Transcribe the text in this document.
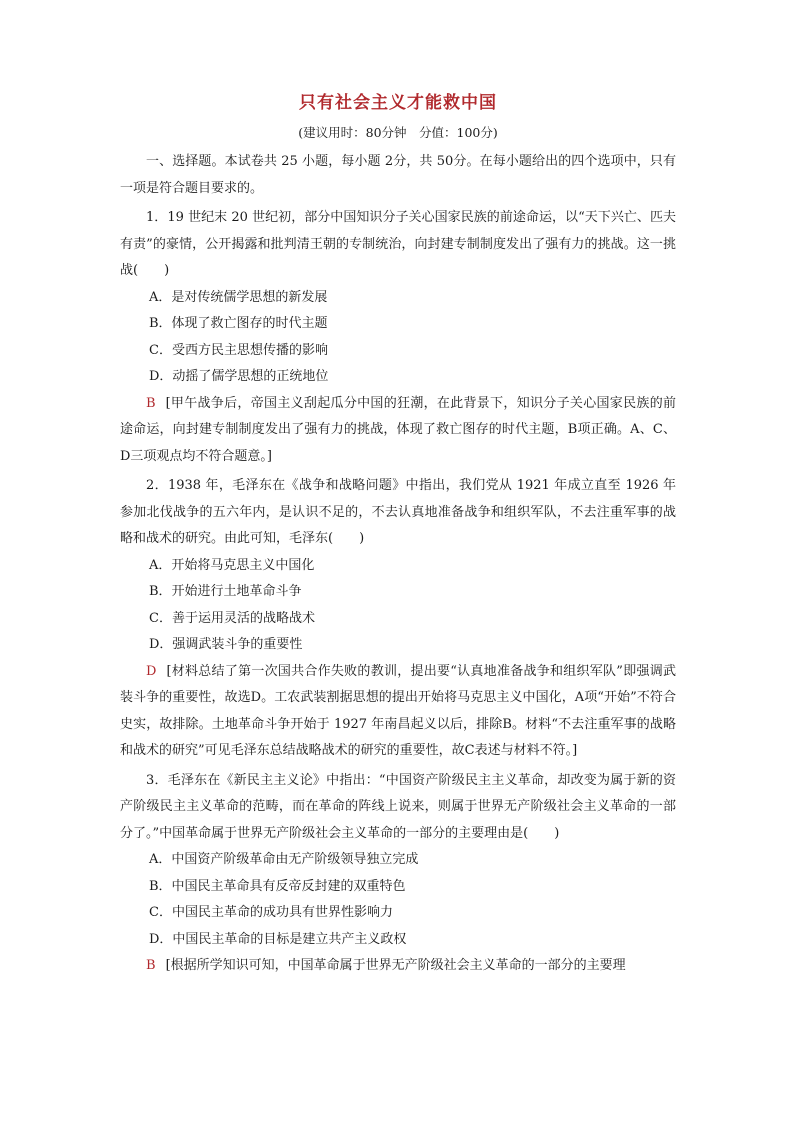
只有社会主义才能救中国
(建议用时：80分钟　分值：100分)

一、选择题。本试卷共 25 小题，每小题 2分，共 50分。在每小题给出的四个选项中，只有一项是符合题目要求的。

1．19 世纪末 20 世纪初，部分中国知识分子关心国家民族的前途命运，以“天下兴亡、匹夫有责”的豪情，公开揭露和批判清王朝的专制统治，向封建专制制度发出了强有力的挑战。这一挑战(　　)

A．是对传统儒学思想的新发展

B．体现了救亡图存的时代主题

C．受西方民主思想传播的影响

D．动摇了儒学思想的正统地位

B [甲午战争后，帝国主义刮起瓜分中国的狂潮，在此背景下，知识分子关心国家民族的前途命运，向封建专制制度发出了强有力的挑战，体现了救亡图存的时代主题，B项正确。A、C、D三项观点均不符合题意。]

2．1938 年，毛泽东在《战争和战略问题》中指出，我们党从 1921 年成立直至 1926 年参加北伐战争的五六年内，是认识不足的，不去认真地准备战争和组织军队，不去注重军事的战略和战术的研究。由此可知，毛泽东(　　)

A．开始将马克思主义中国化

B．开始进行土地革命斗争

C．善于运用灵活的战略战术

D．强调武装斗争的重要性

D [材料总结了第一次国共合作失败的教训，提出要“认真地准备战争和组织军队”即强调武装斗争的重要性，故选D。工农武装割据思想的提出开始将马克思主义中国化，A项“开始”不符合史实，故排除。土地革命斗争开始于 1927 年南昌起义以后，排除B。材料“不去注重军事的战略和战术的研究”可见毛泽东总结战略战术的研究的重要性，故C表述与材料不符。]

3．毛泽东在《新民主主义论》中指出：“中国资产阶级民主主义革命，却改变为属于新的资产阶级民主主义革命的范畴，而在革命的阵线上说来，则属于世界无产阶级社会主义革命的一部分了。”中国革命属于世界无产阶级社会主义革命的一部分的主要理由是(　　)

A．中国资产阶级革命由无产阶级领导独立完成

B．中国民主革命具有反帝反封建的双重特色

C．中国民主革命的成功具有世界性影响力

D．中国民主革命的目标是建立共产主义政权

B [根据所学知识可知，中国革命属于世界无产阶级社会主义革命的一部分的主要理
